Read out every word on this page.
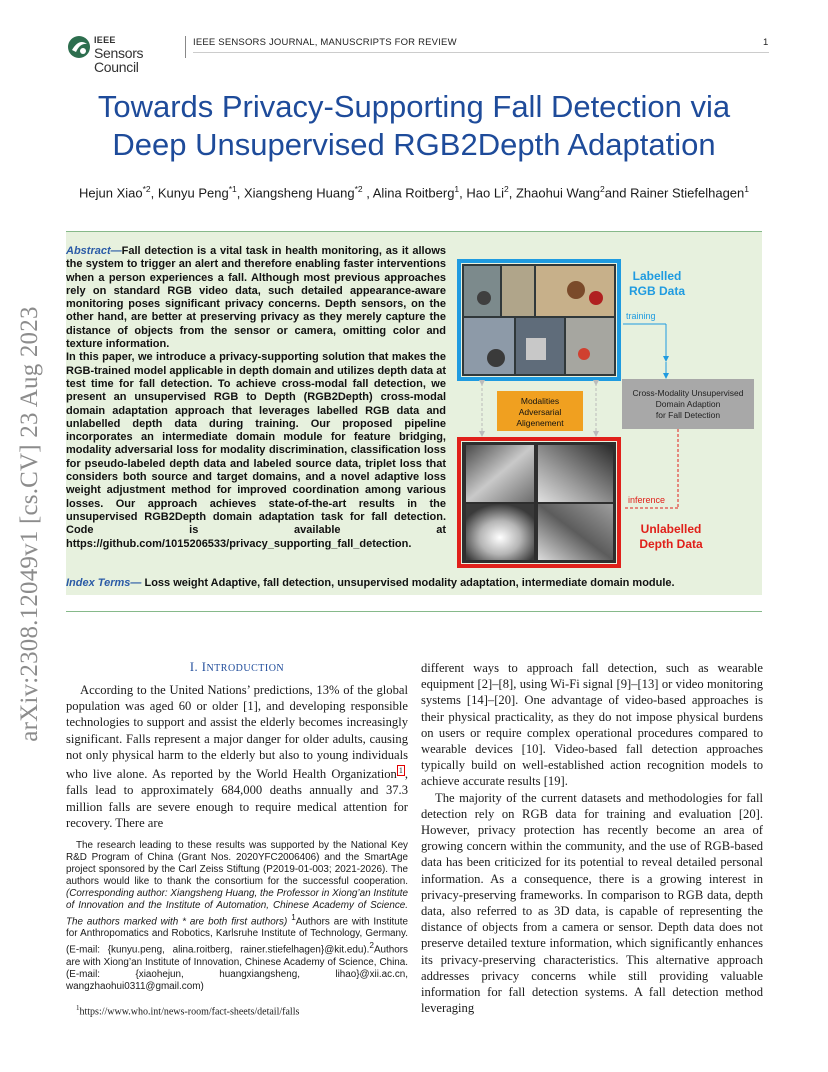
IEEE
Sensors Council
IEEE SENSORS JOURNAL, MANUSCRIPTS FOR REVIEW	1
arXiv:2308.12049v1 [cs.CV] 23 Aug 2023
Towards Privacy-Supporting Fall Detection via
Deep Unsupervised RGB2Depth Adaptation
Hejun Xiao$^{*2}$, Kunyu Peng$^{*1}$, Xiangsheng Huang$^{*2}$ , Alina Roitberg$^1$, Hao Li$^2$, Zhaohui Wang$^2$and Rainer Stiefelhagen$^1$

Abstract—Fall detection is a vital task in health monitoring, as it allows the system to trigger an alert and therefore enabling faster interventions when a person experiences a fall. Although most previous approaches rely on standard RGB video data, such detailed appearance-aware monitoring poses significant privacy concerns. Depth sensors, on the other hand, are better at preserving privacy as they merely capture the distance of objects from the sensor or camera, omitting color and texture information.

In this paper, we introduce a privacy-supporting solution that makes the RGB-trained model applicable in depth domain and utilizes depth data at test time for fall detection. To achieve cross-modal fall detection, we present an unsupervised RGB to Depth (RGB2Depth) cross-modal domain adaptation approach that leverages labelled RGB data and unlabelled depth data during training. Our proposed pipeline incorporates an intermediate domain module for feature bridging, modality adversarial loss for modality discrimination, classification loss for pseudo-labeled depth data and labeled source data, triplet loss that considers both source and target domains, and a novel adaptive loss weight adjustment method for improved coordination among various losses. Our approach achieves state-of-the-art results in the unsupervised RGB2Depth domain adaptation task for fall detection. Code is available at https://github.com/1015206533/privacy_supporting_fall_detection.

Modalities
Adversarial
Aligenement
Labelled
RGB Data
training
Cross-Modality Unsupervised
Domain Adaption
for Fall Detection
inference
Unlabelled
Depth Data
Index Terms— Loss weight Adaptive, fall detection, unsupervised modality adaptation, intermediate domain module.
I. INTRODUCTION

According to the United Nations’ predictions, 13% of the global population was aged 60 or older [1], and developing responsible technologies to support and assist the elderly becomes increasingly significant. Falls represent a major danger for older adults, causing not only physical harm to the elderly but also to young individuals who live alone. As reported by the World Health Organization $^1$ , falls lead to approximately 684,000 deaths annually and 37.3 million falls are severe enough to require medical attention for recovery. There are

The research leading to these results was supported by the National Key R&D Program of China (Grant Nos. 2020YFC2006406) and the SmartAge project sponsored by the Carl Zeiss Stiftung (P2019-01-003; 2021-2026). The authors would like to thank the consortium for the successful cooperation. (Corresponding author: Xiangsheng Huang, the Professor in Xiong’an Institute of Innovation and the Institute of Automation, Chinese Academy of Science. The authors marked with * are both first authors) $^1$Authors are with Institute for Anthropomatics and Robotics, Karlsruhe Institute of Technology, Germany. (E-mail: {kunyu.peng, alina.roitberg, rainer.stiefelhagen}@kit.edu).$^2$Authors are with Xiong’an Institute of Innovation, Chinese Academy of Science, China. (E-mail: {xiaohejun, huangxiangsheng, lihao}@xii.ac.cn, wangzhaohui0311@gmail.com)

$^1$https://www.who.int/news-room/fact-sheets/detail/falls

different ways to approach fall detection, such as wearable equipment [2]–[8], using Wi-Fi signal [9]–[13] or video monitoring systems [14]–[20]. One advantage of video-based approaches is their physical practicality, as they do not impose physical burdens on users or require complex operational procedures compared to wearable devices [10]. Video-based fall detection approaches typically build on well-established action recognition models to achieve accurate results [19].

The majority of the current datasets and methodologies for fall detection rely on RGB data for training and evaluation [20]. However, privacy protection has recently become an area of growing concern within the community, and the use of RGB-based data has been criticized for its potential to reveal detailed personal information. As a consequence, there is a growing interest in privacy-preserving frameworks. In comparison to RGB data, depth data, also referred to as 3D data, is capable of representing the distance of objects from a camera or sensor. Depth data does not preserve detailed texture information, which significantly enhances its privacy-preserving characteristics. This alternative approach addresses privacy concerns while still providing valuable information for fall detection systems. A fall detection method leveraging
